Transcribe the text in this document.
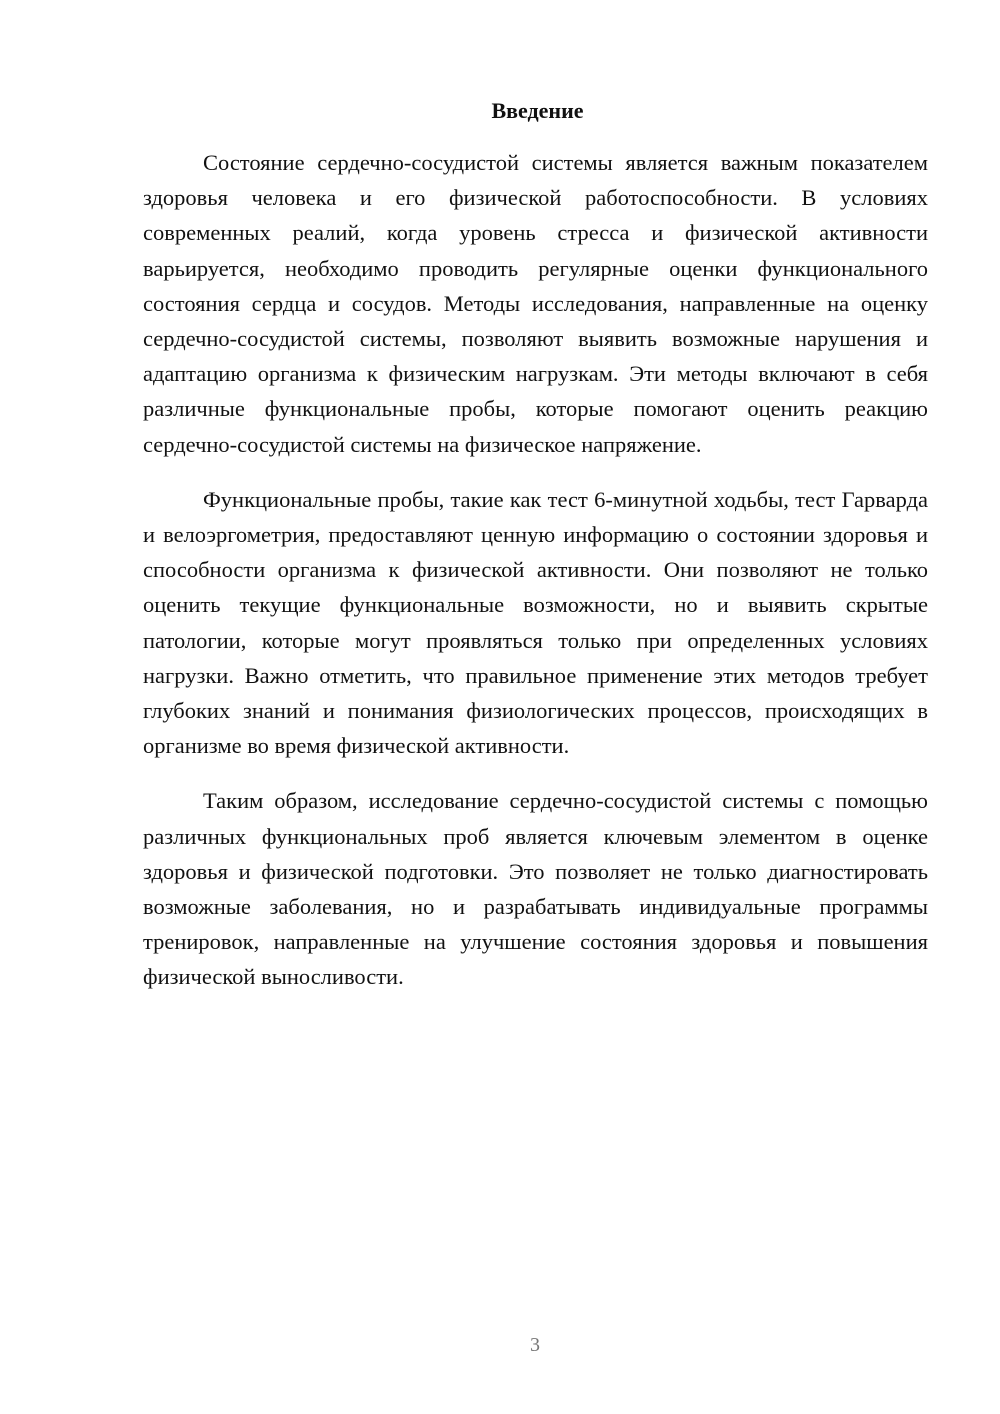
Введение

Состояние сердечно-сосудистой системы является важным показателем здоровья человека и его физической работоспособности. В условиях современных реалий, когда уровень стресса и физической активности варьируется, необходимо проводить регулярные оценки функционального состояния сердца и сосудов. Методы исследования, направленные на оценку сердечно-сосудистой системы, позволяют выявить возможные нарушения и адаптацию организма к физическим нагрузкам. Эти методы включают в себя различные функциональные пробы, которые помогают оценить реакцию сердечно-сосудистой системы на физическое напряжение.

Функциональные пробы, такие как тест 6-минутной ходьбы, тест Гарварда и велоэргометрия, предоставляют ценную информацию о состоянии здоровья и способности организма к физической активности. Они позволяют не только оценить текущие функциональные возможности, но и выявить скрытые патологии, которые могут проявляться только при определенных условиях нагрузки. Важно отметить, что правильное применение этих методов требует глубоких знаний и понимания физиологических процессов, происходящих в организме во время физической активности.

Таким образом, исследование сердечно-сосудистой системы с помощью различных функциональных проб является ключевым элементом в оценке здоровья и физической подготовки. Это позволяет не только диагностировать возможные заболевания, но и разрабатывать индивидуальные программы тренировок, направленные на улучшение состояния здоровья и повышения физической выносливости.

3
